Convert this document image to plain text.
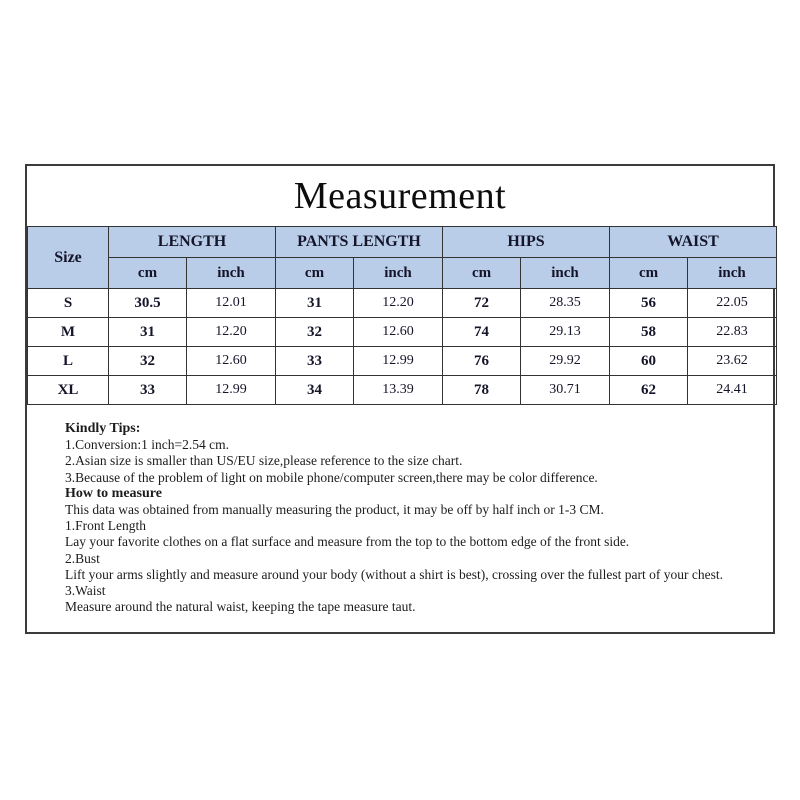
Measurement
Size	LENGTH		PANTS LENGTH		HIPS		WAIST	
	cm	inch	cm	inch	cm	inch	cm	inch
S	30.5	12.01	31	12.20	72	28.35	56	22.05
M	31	12.20	32	12.60	74	29.13	58	22.83
L	32	12.60	33	12.99	76	29.92	60	23.62
XL	33	12.99	34	13.39	78	30.71	62	24.41
Kindly Tips:
1.Conversion:1 inch=2.54 cm.
2.Asian size is smaller than US/EU size,please reference to the size chart.
3.Because of the problem of light on mobile phone/computer screen,there may be color difference.
How to measure
This data was obtained from manually measuring the product, it may be off by half inch or 1-3 CM.
1.Front Length
Lay your favorite clothes on a flat surface and measure from the top to the bottom edge of the front side.
2.Bust
Lift your arms slightly and measure around your body (without a shirt is best), crossing over the fullest part of your chest.
3.Waist
Measure around the natural waist, keeping the tape measure taut.
